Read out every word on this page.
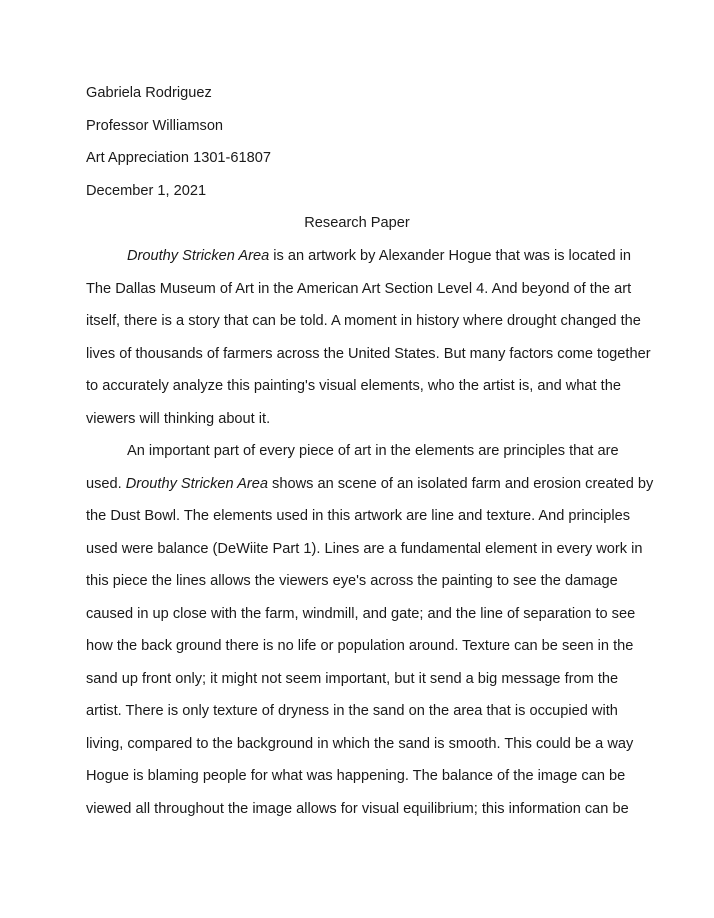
Gabriela Rodriguez
Professor Williamson
Art Appreciation 1301-61807
December 1, 2021
Research Paper
Drouthy Stricken Area is an artwork by Alexander Hogue that was is located in
The Dallas Museum of Art in the American Art Section Level 4. And beyond of the art
itself, there is a story that can be told. A moment in history where drought changed the
lives of thousands of farmers across the United States. But many factors come together
to accurately analyze this painting's visual elements, who the artist is, and what the
viewers will thinking about it.
An important part of every piece of art in the elements are principles that are
used. Drouthy Stricken Area shows an scene of an isolated farm and erosion created by
the Dust Bowl. The elements used in this artwork are line and texture. And principles
used were balance (DeWiite Part 1). Lines are a fundamental element in every work in
this piece the lines allows the viewers eye's across the painting to see the damage
caused in up close with the farm, windmill, and gate; and the line of separation to see
how the back ground there is no life or population around. Texture can be seen in the
sand up front only; it might not seem important, but it send a big message from the
artist. There is only texture of dryness in the sand on the area that is occupied with
living, compared to the background in which the sand is smooth. This could be a way
Hogue is blaming people for what was happening. The balance of the image can be
viewed all throughout the image allows for visual equilibrium; this information can be
